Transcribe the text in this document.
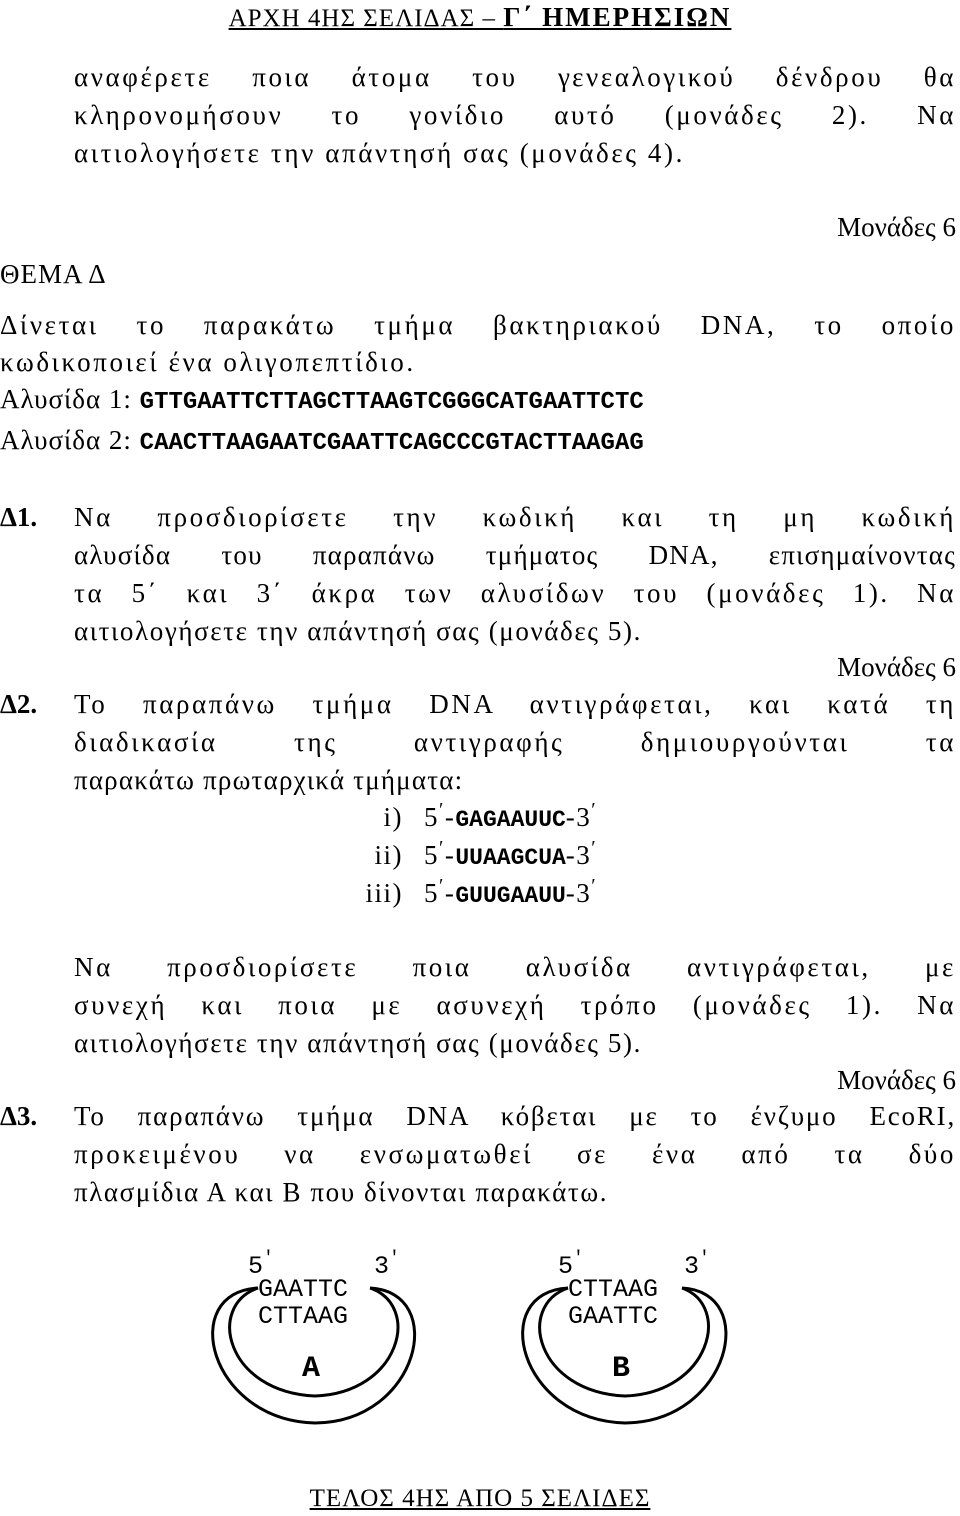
ΑΡΧΗ 4ΗΣ ΣΕΛΙΔΑΣ – Γ΄ ΗΜΕΡΗΣΙΩΝ
αναφέρετε ποια άτομα του γενεαλογικού δένδρου θα
κληρονομήσουν το γονίδιο αυτό (μονάδες 2). Να
αιτιολογήσετε την απάντησή σας (μονάδες 4).
Μονάδες 6
ΘΕΜΑ Δ
Δίνεται το παρακάτω τμήμα βακτηριακού DNA, το οποίο
κωδικοποιεί ένα ολιγοπεπτίδιο.
Αλυσίδα 1: GTTGAATTCTTAGCTTAAGTCGGGCATGAATTCTC
Αλυσίδα 2: CAACTTAAGAATCGAATTCAGCCCGTACTTAAGAG
Δ1. Να προσδιορίσετε την κωδική και τη μη κωδική
αλυσίδα του παραπάνω τμήματος DNA, επισημαίνοντας
τα 5΄ και 3΄ άκρα των αλυσίδων του (μονάδες 1). Να
αιτιολογήσετε την απάντησή σας (μονάδες 5).
Μονάδες 6
Δ2. Το παραπάνω τμήμα DNA αντιγράφεται, και κατά τη
διαδικασία της αντιγραφής δημιουργούνται τα
παρακάτω πρωταρχικά τμήματα:
i) 5′-GAGAAUUC-3′
ii) 5′-UUAAGCUA-3′
iii) 5′-GUUGAAUU-3′
Να προσδιορίσετε ποια αλυσίδα αντιγράφεται, με
συνεχή και ποια με ασυνεχή τρόπο (μονάδες 1). Να
αιτιολογήσετε την απάντησή σας (μονάδες 5).
Μονάδες 6
Δ3. Το παραπάνω τμήμα DNA κόβεται με το ένζυμο EcoRI,
προκειμένου να ενσωματωθεί σε ένα από τα δύο
πλασμίδια Α και Β που δίνονται παρακάτω.
5′	3′
GAATTC
CTTAAG
A
5′	3′
CTTAAG
GAATTC
B
ΤΕΛΟΣ 4ΗΣ ΑΠΟ 5 ΣΕΛΙΔΕΣ
